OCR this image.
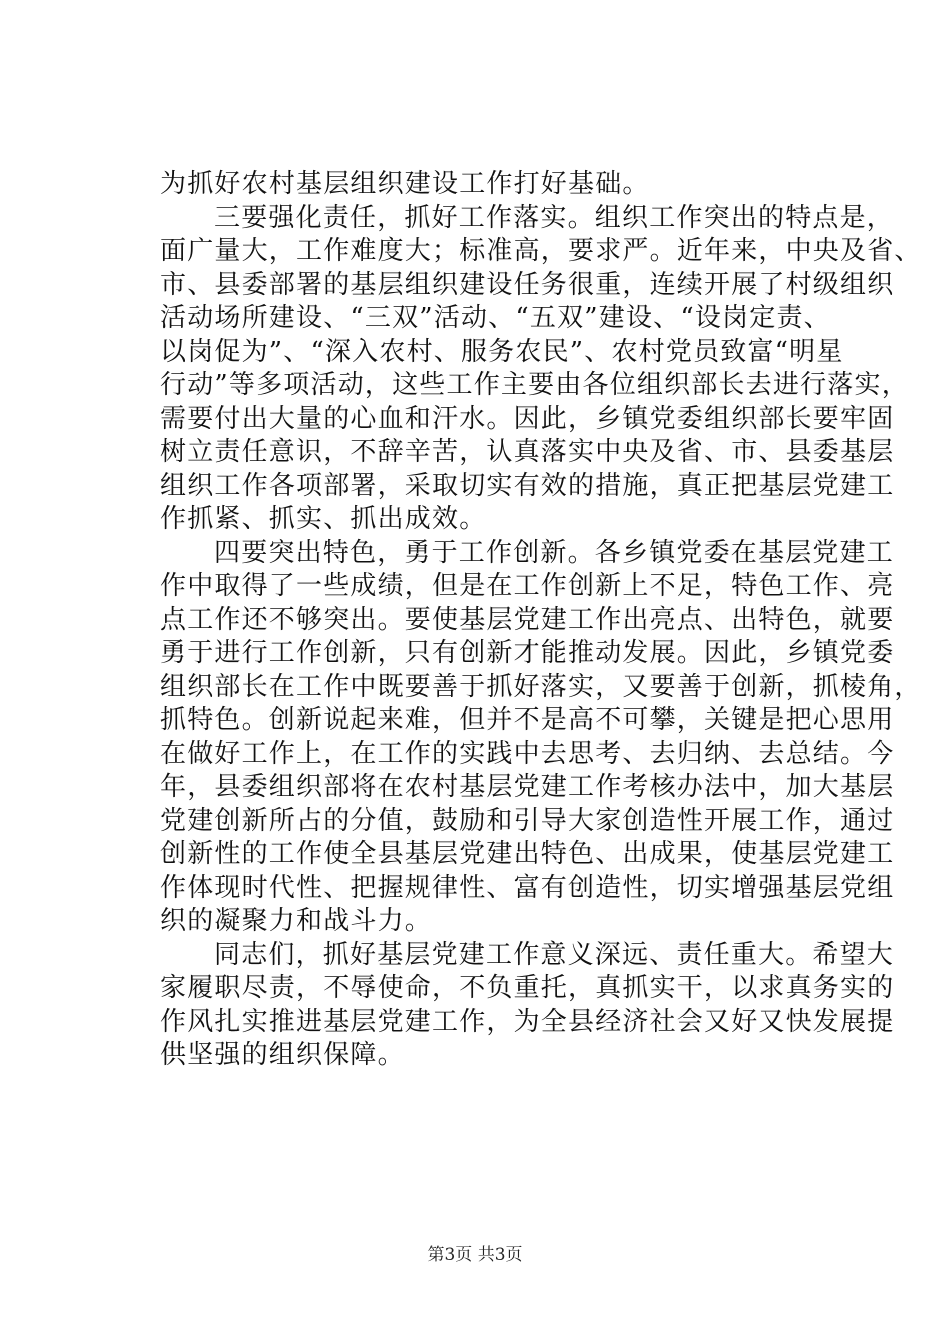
为抓好农村基层组织建设工作打好基础。
三要强化责任，抓好工作落实。组织工作突出的特点是，
面广量大，工作难度大；标准高，要求严。近年来，中央及省、
市、县委部署的基层组织建设任务很重，连续开展了村级组织
活动场所建设、“三双”活动、“五双”建设、“设岗定责、
以岗促为”、“深入农村、服务农民”、农村党员致富“明星
行动”等多项活动，这些工作主要由各位组织部长去进行落实，
需要付出大量的心血和汗水。因此，乡镇党委组织部长要牢固
树立责任意识，不辞辛苦，认真落实中央及省、市、县委基层
组织工作各项部署，采取切实有效的措施，真正把基层党建工
作抓紧、抓实、抓出成效。
四要突出特色，勇于工作创新。各乡镇党委在基层党建工
作中取得了一些成绩，但是在工作创新上不足，特色工作、亮
点工作还不够突出。要使基层党建工作出亮点、出特色，就要
勇于进行工作创新，只有创新才能推动发展。因此，乡镇党委
组织部长在工作中既要善于抓好落实，又要善于创新，抓棱角，
抓特色。创新说起来难，但并不是高不可攀，关键是把心思用
在做好工作上，在工作的实践中去思考、去归纳、去总结。今
年，县委组织部将在农村基层党建工作考核办法中，加大基层
党建创新所占的分值，鼓励和引导大家创造性开展工作，通过
创新性的工作使全县基层党建出特色、出成果，使基层党建工
作体现时代性、把握规律性、富有创造性，切实增强基层党组
织的凝聚力和战斗力。
同志们，抓好基层党建工作意义深远、责任重大。希望大
家履职尽责，不辱使命，不负重托，真抓实干，以求真务实的
作风扎实推进基层党建工作，为全县经济社会又好又快发展提
供坚强的组织保障。
第3页 共3页
